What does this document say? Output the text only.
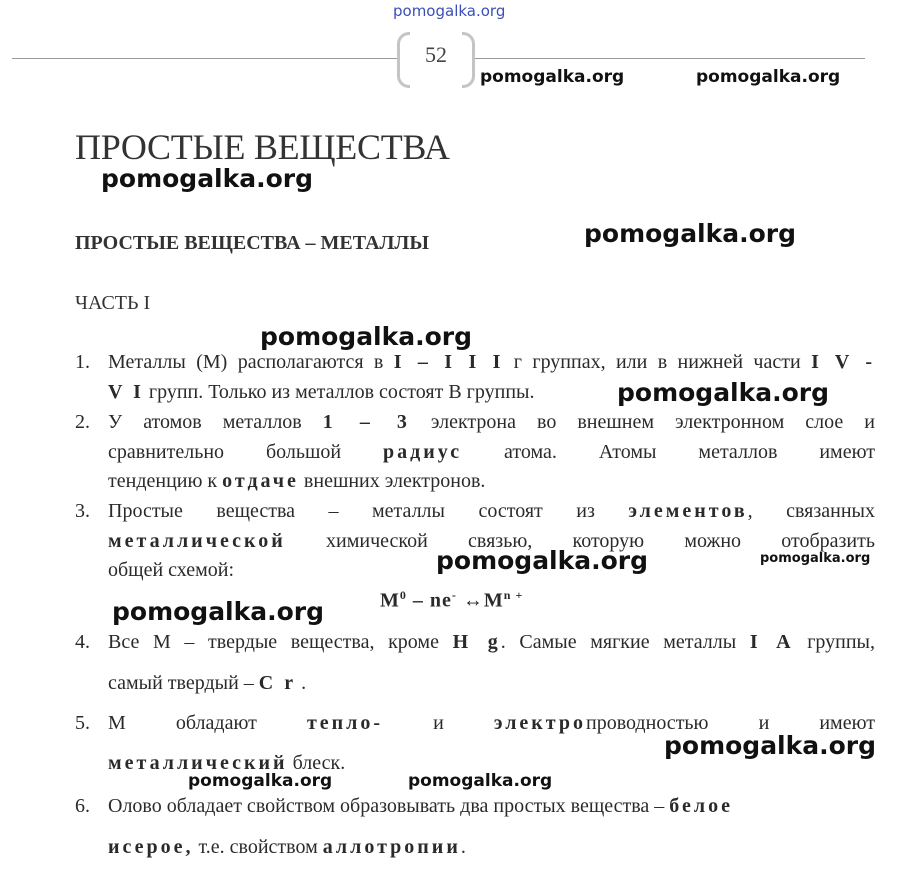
pomogalka.org
52
pomogalka.org	pomogalka.org
ПРОСТЫЕ ВЕЩЕСТВА
pomogalka.org
ПРОСТЫЕ ВЕЩЕСТВА – МЕТАЛЛЫ	pomogalka.org
ЧАСТЬ I
pomogalka.org
1. Металлы (М) располагаются в I – I I I г группах, или в нижней части I V -
V I групп. Только из металлов состоят В группы.	pomogalka.org
2. У атомов металлов 1 – 3 электрона во внешнем электронном слое и
сравнительно большой радиус атома. Атомы металлов имеют
тенденцию к отдаче внешних электронов.
3. Простые вещества – металлы состоят из элементов, связанных
металлической химической связью, которую можно отобразить
общей схемой:	pomogalka.org	pomogalka.org
$M^0 - ne^-$ $\leftrightarrow M^{n +}$
pomogalka.org
4. Все М – твердые вещества, кроме H g. Самые мягкие металлы I A группы,
самый твердый – C r .
5. М обладают тепло- и электропроводностью и имеют
металлический блеск.
pomogalka.org
pomogalka.org	pomogalka.org
6. Олово обладает свойством образовывать два простых вещества – белое
исерое, т.е. свойством аллотропии.
